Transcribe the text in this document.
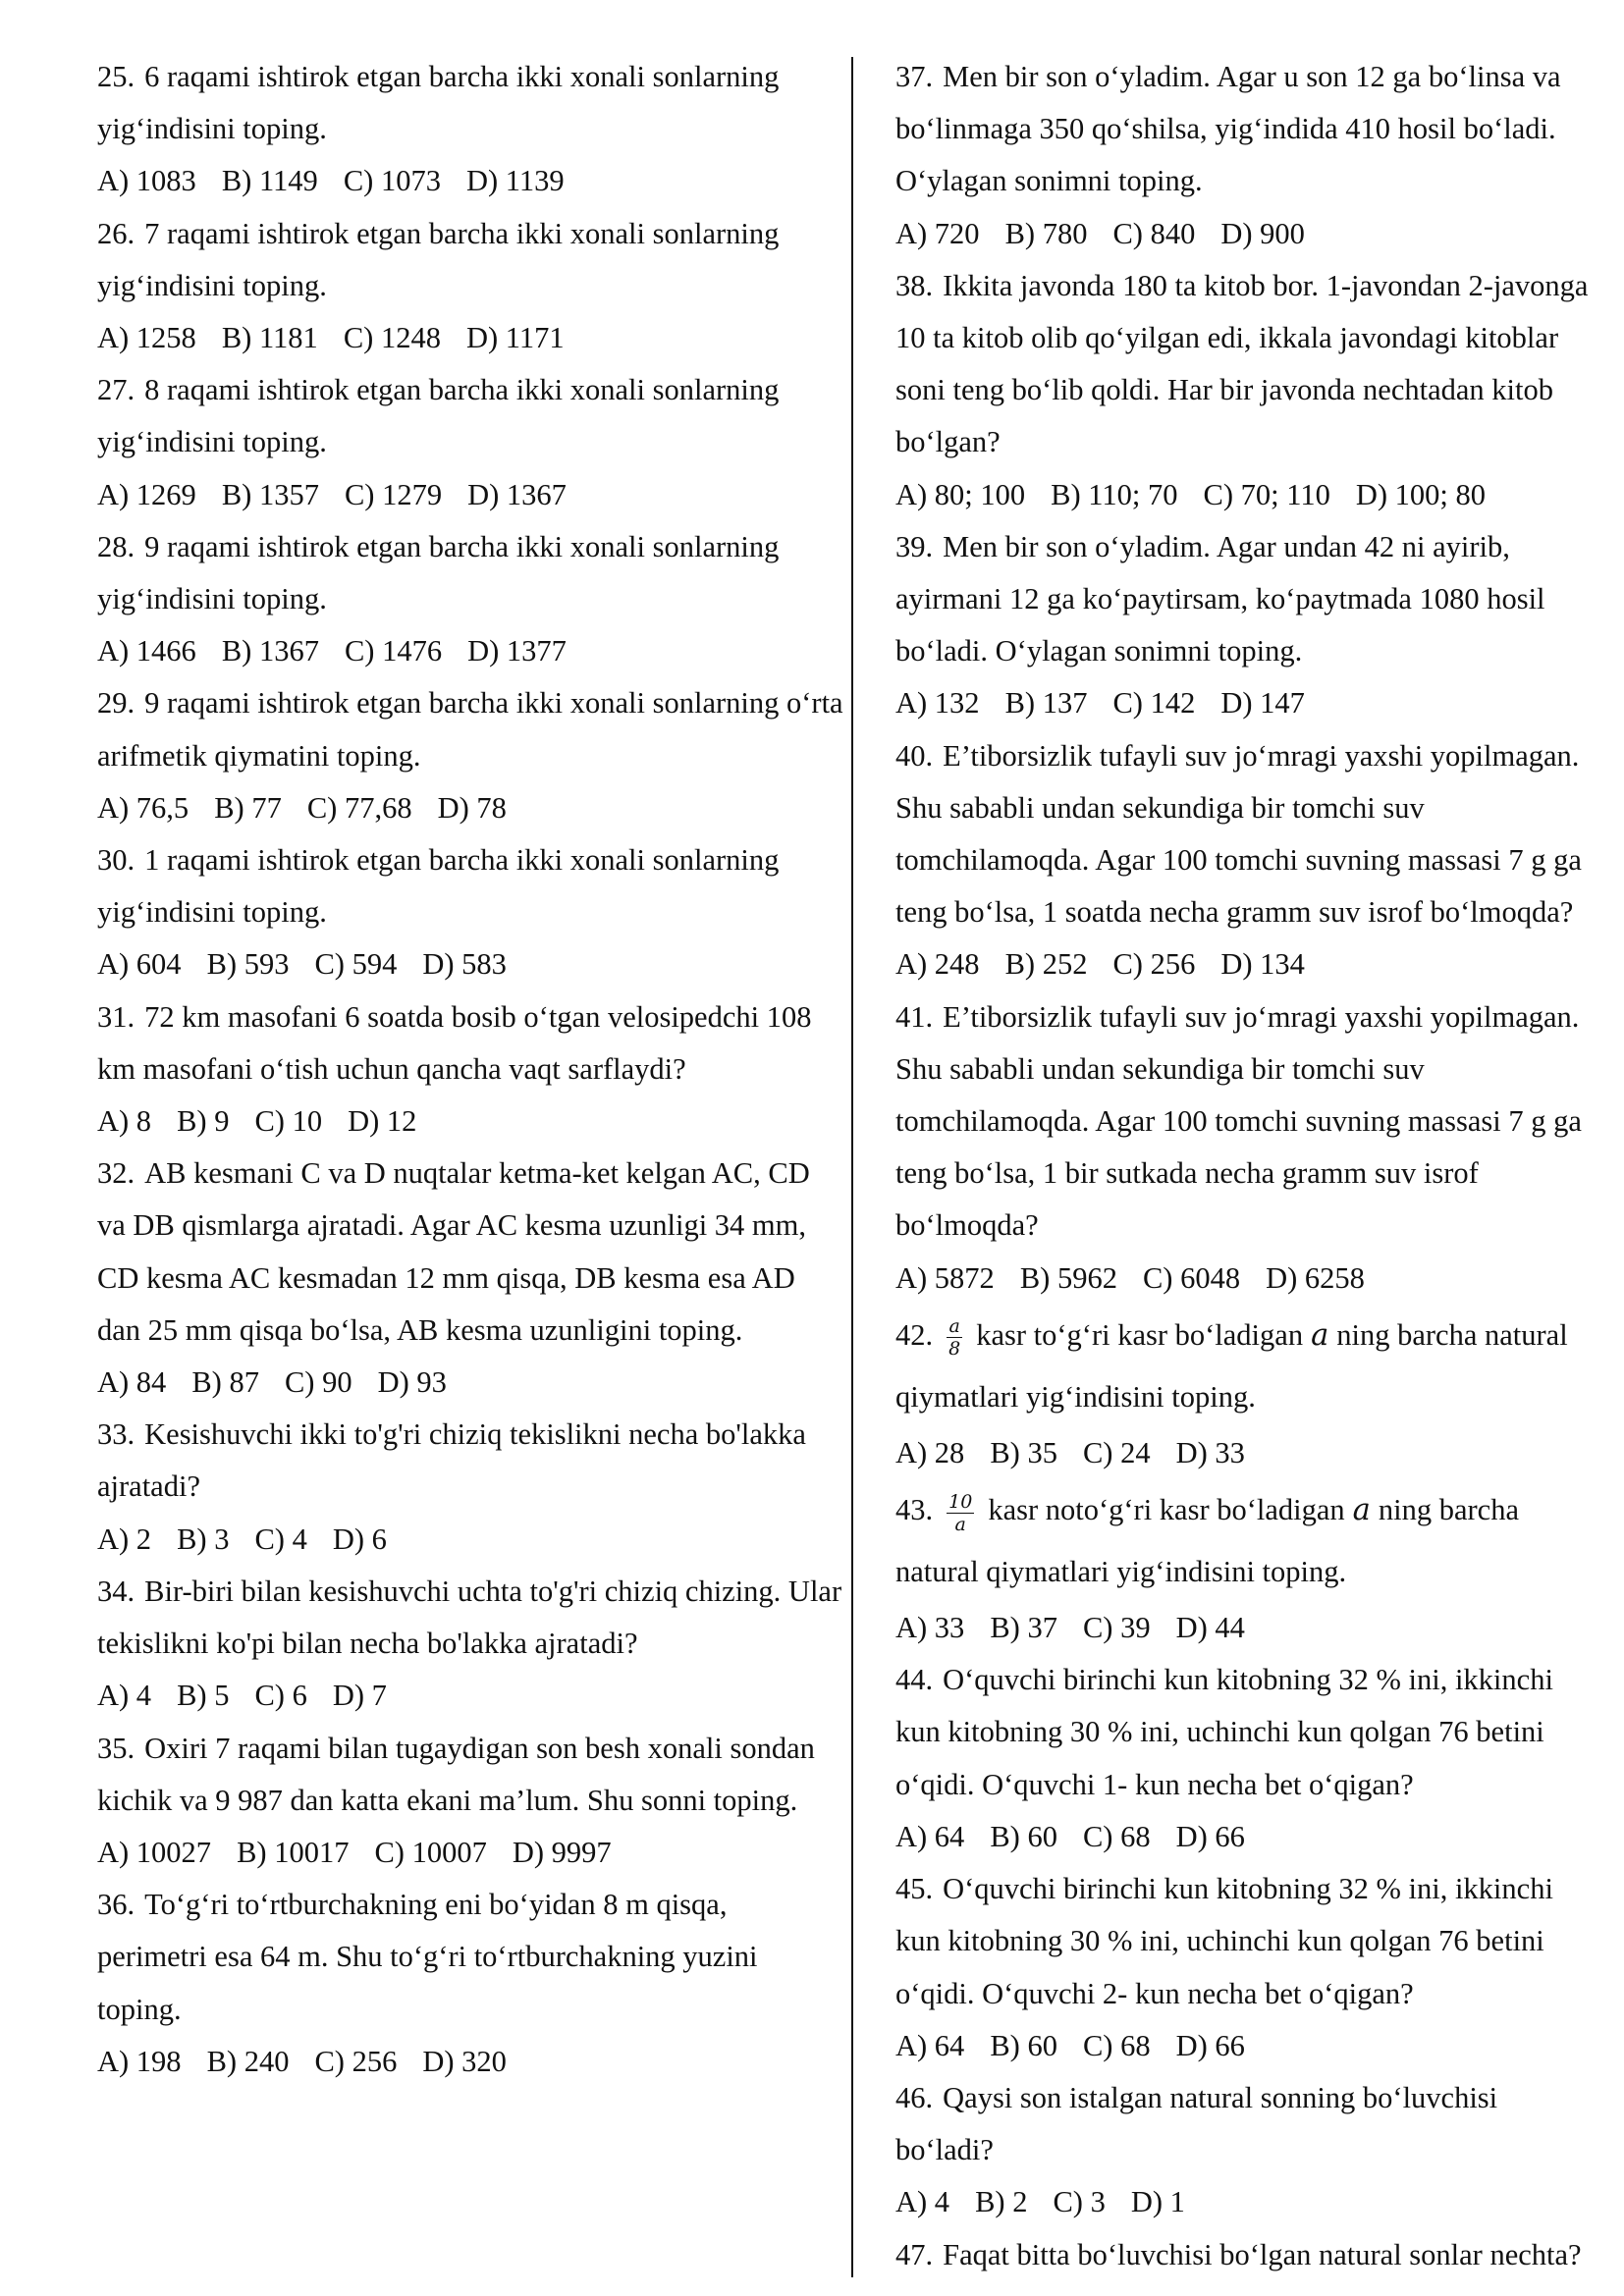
25. 6 raqami ishtirok etgan barcha ikki xonali sonlarning yig‘indisini toping.

A) 1083 B) 1149 C) 1073 D) 1139

26. 7 raqami ishtirok etgan barcha ikki xonali sonlarning yig‘indisini toping.

A) 1258 B) 1181 C) 1248 D) 1171

27. 8 raqami ishtirok etgan barcha ikki xonali sonlarning yig‘indisini toping.

A) 1269 B) 1357 C) 1279 D) 1367

28. 9 raqami ishtirok etgan barcha ikki xonali sonlarning yig‘indisini toping.

A) 1466 B) 1367 C) 1476 D) 1377

29. 9 raqami ishtirok etgan barcha ikki xonali sonlarning o‘rta arifmetik qiymatini toping.

A) 76,5 B) 77 C) 77,68 D) 78

30. 1 raqami ishtirok etgan barcha ikki xonali sonlarning yig‘indisini toping.

A) 604 B) 593 C) 594 D) 583

31. 72 km masofani 6 soatda bosib o‘tgan velosipedchi 108 km masofani o‘tish uchun qancha vaqt sarflaydi?

A) 8 B) 9 C) 10 D) 12

32. AB kesmani C va D nuqtalar ketma-ket kelgan AC, CD va DB qismlarga ajratadi. Agar AC kesma uzunligi 34 mm, CD kesma AC kesmadan 12 mm qisqa, DB kesma esa AD dan 25 mm qisqa bo‘lsa, AB kesma uzunligini toping.

A) 84 B) 87 C) 90 D) 93

33. Kesishuvchi ikki to'g'ri chiziq tekislikni necha bo'lakka ajratadi?

A) 2 B) 3 C) 4 D) 6

34. Bir-biri bilan kesishuvchi uchta to'g'ri chiziq chizing. Ular tekislikni ko'pi bilan necha bo'lakka ajratadi?

A) 4 B) 5 C) 6 D) 7

35. Oxiri 7 raqami bilan tugaydigan son besh xonali sondan kichik va 9 987 dan katta ekani ma’lum. Shu sonni toping.

A) 10027 B) 10017 C) 10007 D) 9997

36. To‘g‘ri to‘rtburchakning eni bo‘yidan 8 m qisqa, perimetri esa 64 m. Shu to‘g‘ri to‘rtburchakning yuzini toping.

A) 198 B) 240 C) 256 D) 320

37. Men bir son o‘yladim. Agar u son 12 ga bo‘linsa va bo‘linmaga 350 qo‘shilsa, yig‘indida 410 hosil bo‘ladi. O‘ylagan sonimni toping.

A) 720 B) 780 C) 840 D) 900

38. Ikkita javonda 180 ta kitob bor. 1-javondan 2-javonga 10 ta kitob olib qo‘yilgan edi, ikkala javondagi kitoblar soni teng bo‘lib qoldi. Har bir javonda nechtadan kitob bo‘lgan?

A) 80; 100 B) 110; 70 C) 70; 110 D) 100; 80

39. Men bir son o‘yladim. Agar undan 42 ni ayirib, ayirmani 12 ga ko‘paytirsam, ko‘paytmada 1080 hosil bo‘ladi. O‘ylagan sonimni toping.

A) 132 B) 137 C) 142 D) 147

40. E’tiborsizlik tufayli suv jo‘mragi yaxshi yopilmagan. Shu sababli undan sekundiga bir tomchi suv tomchilamoqda. Agar 100 tomchi suvning massasi 7 g ga teng bo‘lsa, 1 soatda necha gramm suv isrof bo‘lmoqda?

A) 248 B) 252 C) 256 D) 134

41. E’tiborsizlik tufayli suv jo‘mragi yaxshi yopilmagan. Shu sababli undan sekundiga bir tomchi suv tomchilamoqda. Agar 100 tomchi suvning massasi 7 g ga teng bo‘lsa, 1 bir sutkada necha gramm suv isrof bo‘lmoqda?

A) 5872 B) 5962 C) 6048 D) 6258

42. $\frac{a}{8}$ kasr to‘g‘ri kasr bo‘ladigan a ning barcha natural qiymatlari yig‘indisini toping.

A) 28 B) 35 C) 24 D) 33

43. $\frac{10}{a}$ kasr noto‘g‘ri kasr bo‘ladigan a ning barcha natural qiymatlari yig‘indisini toping.

A) 33 B) 37 C) 39 D) 44

44. O‘quvchi birinchi kun kitobning 32 % ini, ikkinchi kun kitobning 30 % ini, uchinchi kun qolgan 76 betini o‘qidi. O‘quvchi 1- kun necha bet o‘qigan?

A) 64 B) 60 C) 68 D) 66

45. O‘quvchi birinchi kun kitobning 32 % ini, ikkinchi kun kitobning 30 % ini, uchinchi kun qolgan 76 betini o‘qidi. O‘quvchi 2- kun necha bet o‘qigan?

A) 64 B) 60 C) 68 D) 66

46. Qaysi son istalgan natural sonning bo‘luvchisi bo‘ladi?

A) 4 B) 2 C) 3 D) 1

47. Faqat bitta bo‘luvchisi bo‘lgan natural sonlar nechta?
